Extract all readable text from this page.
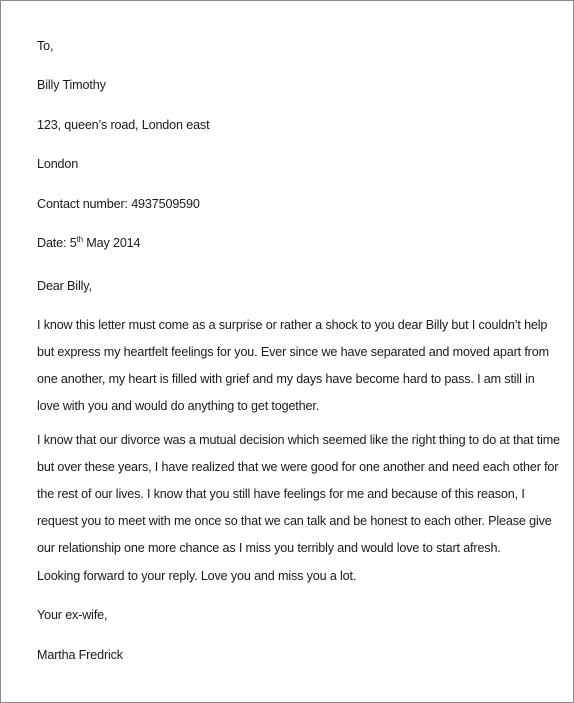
To,
Billy Timothy
123, queen’s road, London east
London
Contact number: 4937509590
Date: 5th May 2014
Dear Billy,
I know this letter must come as a surprise or rather a shock to you dear Billy but I couldn’t help
but express my heartfelt feelings for you. Ever since we have separated and moved apart from
one another, my heart is filled with grief and my days have become hard to pass. I am still in
love with you and would do anything to get together.
I know that our divorce was a mutual decision which seemed like the right thing to do at that time
but over these years, I have realized that we were good for one another and need each other for
the rest of our lives. I know that you still have feelings for me and because of this reason, I
request you to meet with me once so that we can talk and be honest to each other. Please give
our relationship one more chance as I miss you terribly and would love to start afresh.
Looking forward to your reply. Love you and miss you a lot.
Your ex-wife,
Martha Fredrick
